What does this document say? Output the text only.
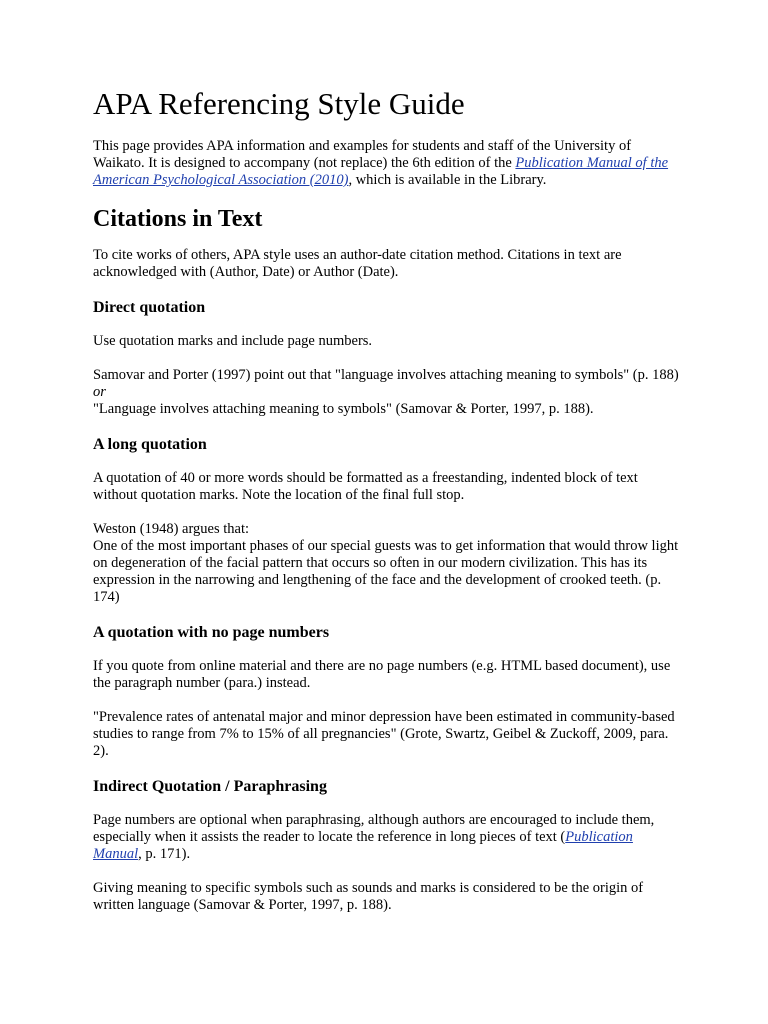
APA Referencing Style Guide

This page provides APA information and examples for students and staff of the University of Waikato. It is designed to accompany (not replace) the 6th edition of the Publication Manual of the American Psychological Association (2010), which is available in the Library.

Citations in Text

To cite works of others, APA style uses an author-date citation method. Citations in text are acknowledged with (Author, Date) or Author (Date).

Direct quotation

Use quotation marks and include page numbers.

Samovar and Porter (1997) point out that "language involves attaching meaning to symbols" (p. 188) or
"Language involves attaching meaning to symbols" (Samovar & Porter, 1997, p. 188).

A long quotation

A quotation of 40 or more words should be formatted as a freestanding, indented block of text without quotation marks. Note the location of the final full stop.

Weston (1948) argues that:
One of the most important phases of our special guests was to get information that would throw light on degeneration of the facial pattern that occurs so often in our modern civilization. This has its expression in the narrowing and lengthening of the face and the development of crooked teeth. (p. 174)

A quotation with no page numbers

If you quote from online material and there are no page numbers (e.g. HTML based document), use the paragraph number (para.) instead.

"Prevalence rates of antenatal major and minor depression have been estimated in community-based studies to range from 7% to 15% of all pregnancies" (Grote, Swartz, Geibel & Zuckoff, 2009, para. 2).

Indirect Quotation / Paraphrasing

Page numbers are optional when paraphrasing, although authors are encouraged to include them, especially when it assists the reader to locate the reference in long pieces of text (Publication Manual, p. 171).

Giving meaning to specific symbols such as sounds and marks is considered to be the origin of written language (Samovar & Porter, 1997, p. 188).
